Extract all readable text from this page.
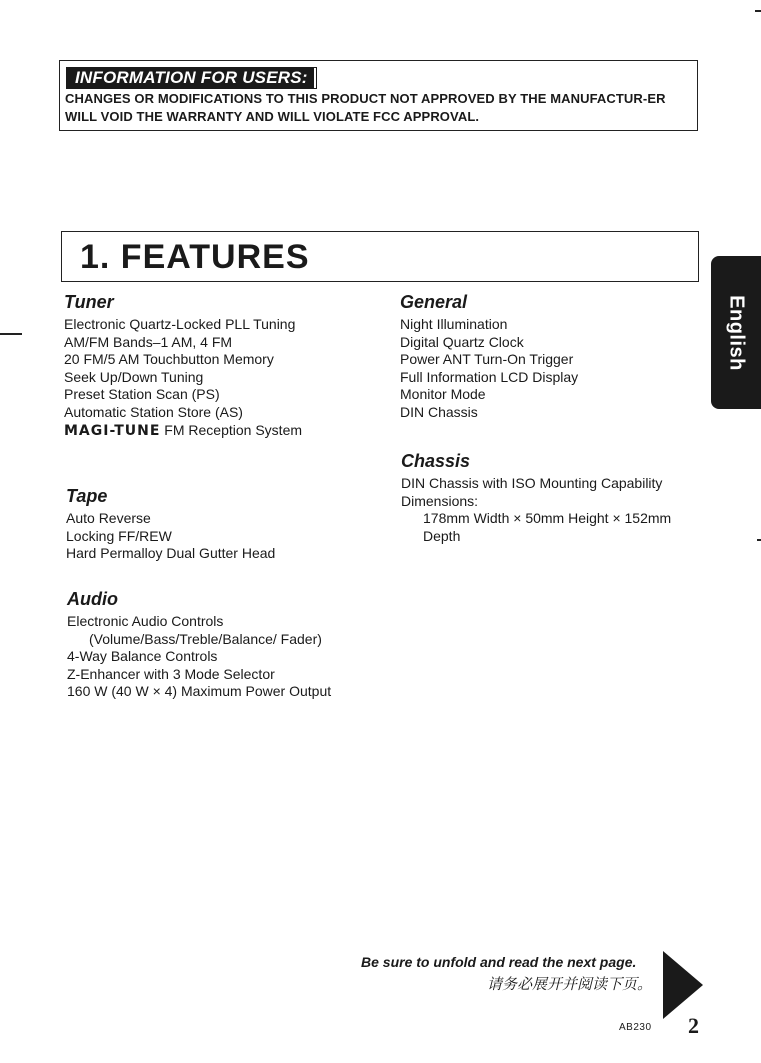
INFORMATION FOR USERS:
CHANGES OR MODIFICATIONS TO THIS PRODUCT NOT APPROVED BY THE MANUFACTUR-ER WILL VOID THE WARRANTY AND WILL VIOLATE FCC APPROVAL.
1. FEATURES
English
Tuner
Electronic Quartz-Locked PLL Tuning
AM/FM Bands–1 AM, 4 FM
20 FM/5 AM Touchbutton Memory
Seek Up/Down Tuning
Preset Station Scan (PS)
Automatic Station Store (AS)
MAGI-TUNE FM Reception System
Tape
Auto Reverse
Locking FF/REW
Hard Permalloy Dual Gutter Head
Audio
Electronic Audio Controls
(Volume/Bass/Treble/Balance/ Fader)
4-Way Balance Controls
Z-Enhancer with 3 Mode Selector
160 W (40 W × 4) Maximum Power Output
General
Night Illumination
Digital Quartz Clock
Power ANT Turn-On Trigger
Full Information LCD Display
Monitor Mode
DIN Chassis
Chassis
DIN Chassis with ISO Mounting Capability
Dimensions:
178mm Width × 50mm Height × 152mm
Depth
Be sure to unfold and read the next page.
请务必展开并阅读下页。
AB230 2
